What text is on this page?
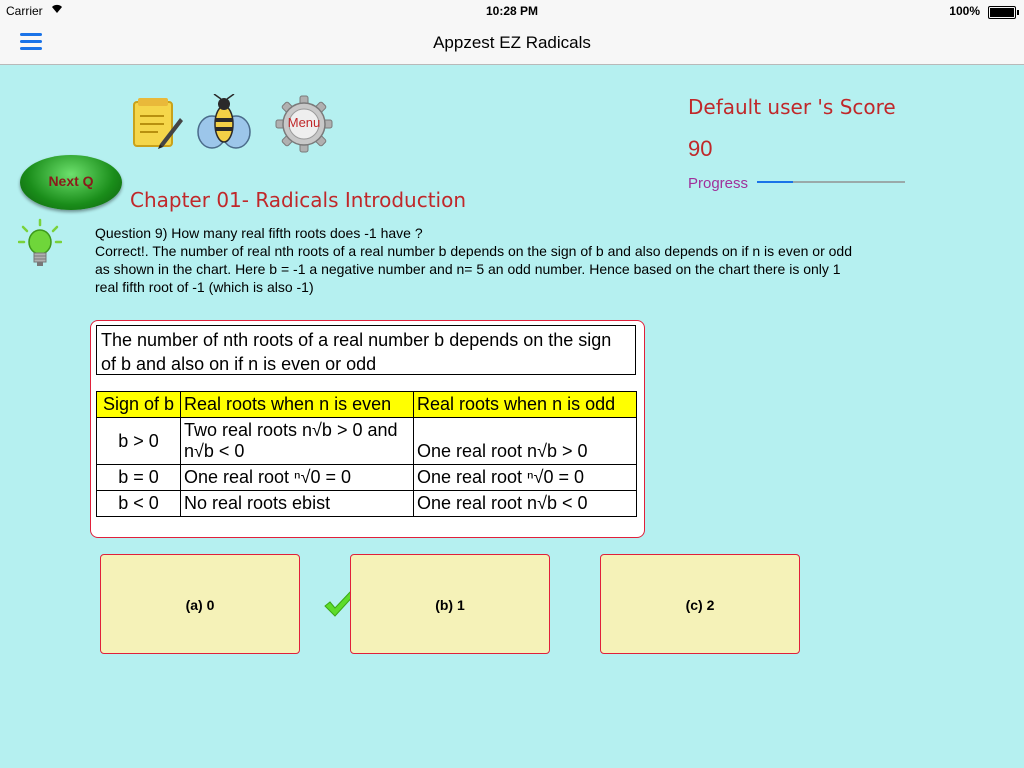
Carrier	10:28 PM	100%
Appzest EZ Radicals
Menu
Next Q
Chapter 01- Radicals Introduction
Default user 's Score
90
Progress
Question 9) How many real fifth roots does -1 have ?
Correct!. The number of real nth roots of a real number b depends on the sign of b and also depends on if n is even or odd as shown in the chart. Here b = -1 a negative number and n= 5 an odd number. Hence based on the chart there is only 1 real fifth root of -1 (which is also -1)
The number of nth roots of a real number b depends on the sign of b and also on if n is even or odd
Sign of b	Real roots when n is even	Real roots when n is odd
b > 0	Two real roots n√b > 0 and n√b < 0	One real root n√b > 0
b = 0	One real root ⁿ√0 = 0	One real root ⁿ√0 = 0
b < 0	No real roots ebist	One real root n√b < 0
(a) 0	(b) 1	(c) 2
